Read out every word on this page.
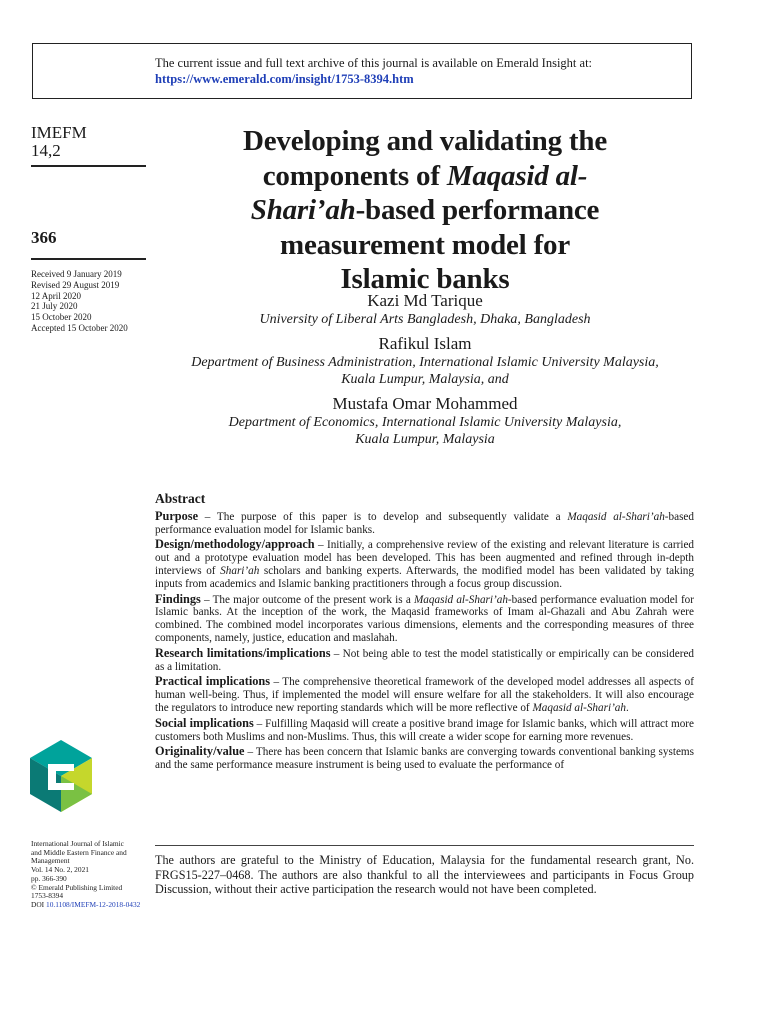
The current issue and full text archive of this journal is available on Emerald Insight at:
https://www.emerald.com/insight/1753-8394.htm
IMEFM
14,2
366
Received 9 January 2019
Revised 29 August 2019
12 April 2020
21 July 2020
15 October 2020
Accepted 15 October 2020
International Journal of Islamic
and Middle Eastern Finance and
Management
Vol. 14 No. 2, 2021
pp. 366-390
© Emerald Publishing Limited
1753-8394
DOI 10.1108/IMEFM-12-2018-0432
Developing and validating the
components of Maqasid al-
Shari’ah-based performance
measurement model for
Islamic banks
Kazi Md Tarique
University of Liberal Arts Bangladesh, Dhaka, Bangladesh
Rafikul Islam
Department of Business Administration, International Islamic University Malaysia,
Kuala Lumpur, Malaysia, and
Mustafa Omar Mohammed
Department of Economics, International Islamic University Malaysia,
Kuala Lumpur, Malaysia
Abstract
Purpose – The purpose of this paper is to develop and subsequently validate a Maqasid al-Shari’ah-based performance evaluation model for Islamic banks.
Design/methodology/approach – Initially, a comprehensive review of the existing and relevant literature is carried out and a prototype evaluation model has been developed. This has been augmented and refined through in-depth interviews of Shari’ah scholars and banking experts. Afterwards, the modified model has been validated by taking inputs from academics and Islamic banking practitioners through a focus group discussion.
Findings – The major outcome of the present work is a Maqasid al-Shari’ah-based performance evaluation model for Islamic banks. At the inception of the work, the Maqasid frameworks of Imam al-Ghazali and Abu Zahrah were combined. The combined model incorporates various dimensions, elements and the corresponding measures of three components, namely, justice, education and maslahah.
Research limitations/implications – Not being able to test the model statistically or empirically can be considered as a limitation.
Practical implications – The comprehensive theoretical framework of the developed model addresses all aspects of human well-being. Thus, if implemented the model will ensure welfare for all the stakeholders. It will also encourage the regulators to introduce new reporting standards which will be more reflective of Maqasid al-Shari’ah.
Social implications – Fulfilling Maqasid will create a positive brand image for Islamic banks, which will attract more customers both Muslims and non-Muslims. Thus, this will create a wider scope for earning more revenues.
Originality/value – There has been concern that Islamic banks are converging towards conventional banking systems and the same performance measure instrument is being used to evaluate the performance of
The authors are grateful to the Ministry of Education, Malaysia for the fundamental research grant, No. FRGS15-227–0468. The authors are also thankful to all the interviewees and participants in Focus Group Discussion, without their active participation the research would not have been completed.
